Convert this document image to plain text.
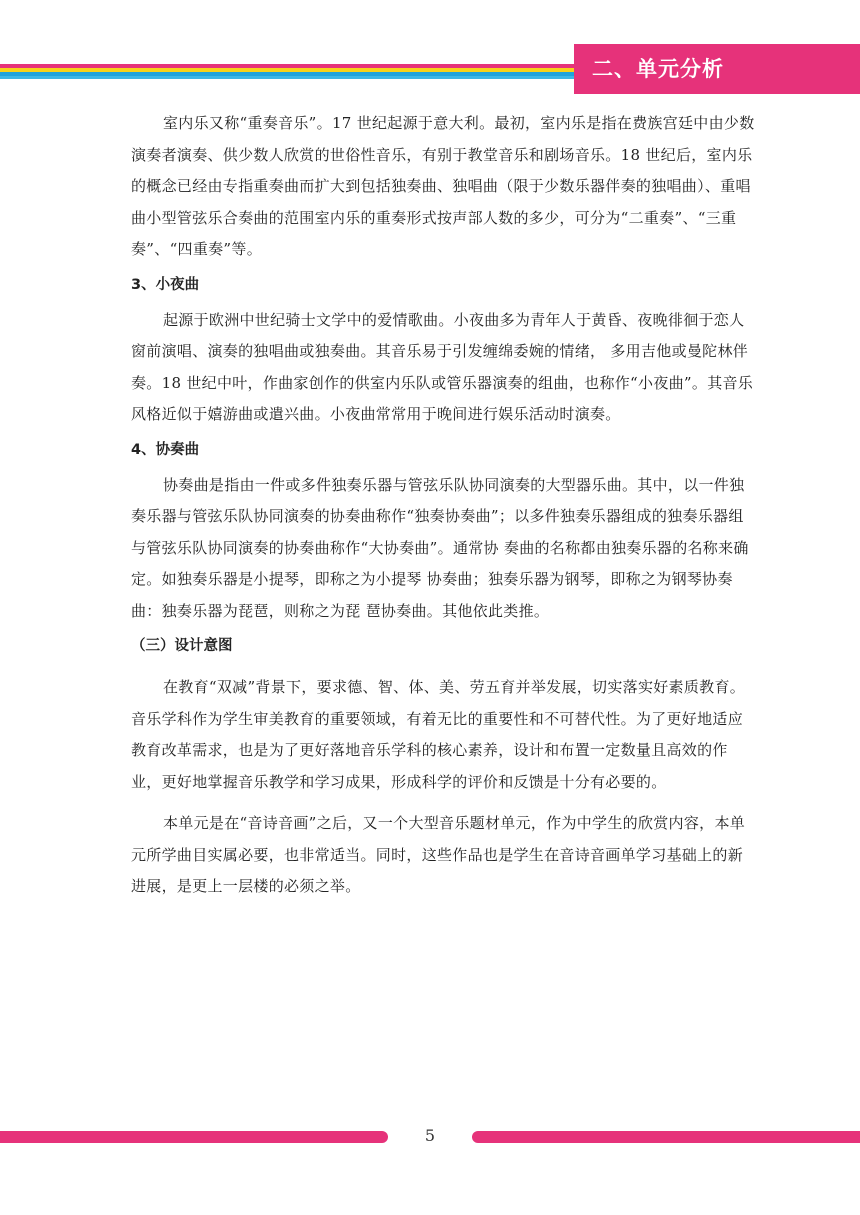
二、单元分析

室内乐又称“重奏音乐”。17 世纪起源于意大利。最初，室内乐是指在费族宫廷中由少数演奏者演奏、供少数人欣赏的世俗性音乐，有别于教堂音乐和剧场音乐。18 世纪后，室内乐的概念已经由专指重奏曲而扩大到包括独奏曲、独唱曲（限于少数乐器伴奏的独唱曲）、重唱曲小型管弦乐合奏曲的范围室内乐的重奏形式按声部人数的多少，可分为“二重奏”、“三重奏”、“四重奏”等。

3、小夜曲

起源于欧洲中世纪骑士文学中的爱情歌曲。小夜曲多为青年人于黄昏、夜晚徘徊于恋人窗前演唱、演奏的独唱曲或独奏曲。其音乐易于引发缠绵委婉的情绪， 多用吉他或曼陀林伴奏。18 世纪中叶，作曲家创作的供室内乐队或管乐器演奏的组曲，也称作“小夜曲”。其音乐风格近似于嬉游曲或遣兴曲。小夜曲常常用于晚间进行娱乐活动时演奏。

4、协奏曲

协奏曲是指由一件或多件独奏乐器与管弦乐队协同演奏的大型器乐曲。其中，以一件独奏乐器与管弦乐队协同演奏的协奏曲称作“独奏协奏曲”；以多件独奏乐器组成的独奏乐器组与管弦乐队协同演奏的协奏曲称作“大协奏曲”。通常协 奏曲的名称都由独奏乐器的名称来确定。如独奏乐器是小提琴，即称之为小提琴 协奏曲；独奏乐器为钢琴，即称之为钢琴协奏曲：独奏乐器为琵琶，则称之为琵 琶协奏曲。其他依此类推。

（三）设计意图

在教育“双减”背景下，要求德、智、体、美、劳五育并举发展，切实落实好素质教育。音乐学科作为学生审美教育的重要领域，有着无比的重要性和不可替代性。为了更好地适应教育改革需求，也是为了更好落地音乐学科的核心素养，设计和布置一定数量且高效的作业，更好地掌握音乐教学和学习成果，形成科学的评价和反馈是十分有必要的。

本单元是在“音诗音画”之后，又一个大型音乐题材单元，作为中学生的欣赏内容，本单元所学曲目实属必要，也非常适当。同时，这些作品也是学生在音诗音画单学习基础上的新进展，是更上一层楼的必须之举。

5
